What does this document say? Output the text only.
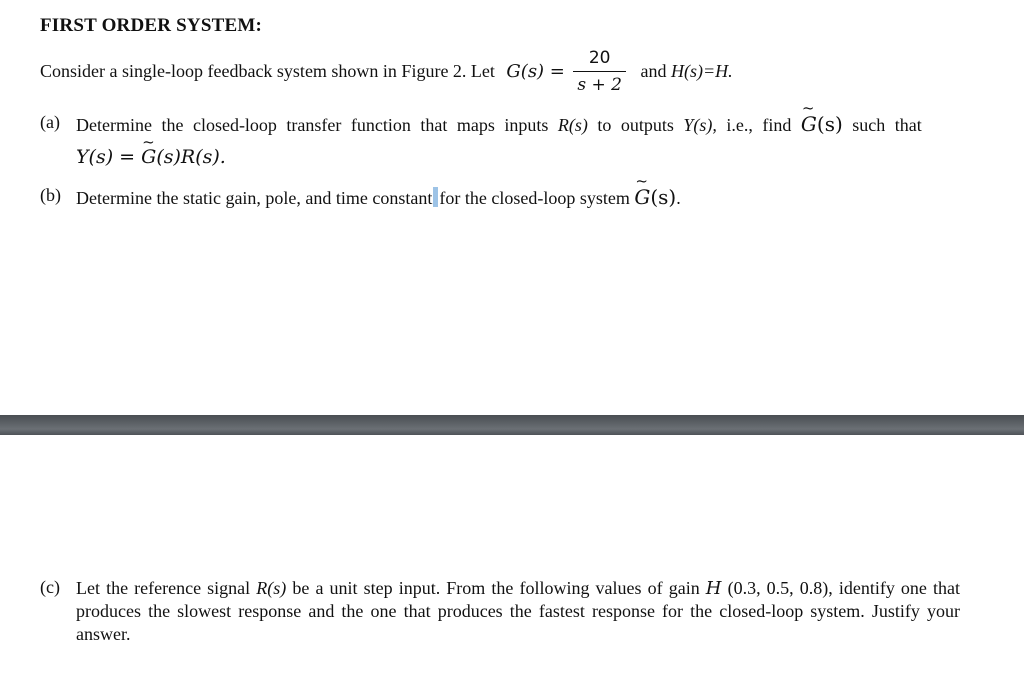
FIRST ORDER SYSTEM:
Consider a single-loop feedback system shown in Figure 2. Let $G(s) = \frac{20}{s + 2}$ and H(s)=H.
(a) Determine the closed-loop transfer function that maps inputs R(s) to outputs Y(s), i.e., find ~ G(s) such that
Y(s) = ~ G(s)R(s).
(b) Determine the static gain, pole, and time constant for the closed-loop system ~ G(s).
(c) Let the reference signal R(s) be a unit step input. From the following values of gain H (0.3, 0.5, 0.8), identify one that produces the slowest response and the one that produces the fastest response for the closed-loop system. Justify your answer.
